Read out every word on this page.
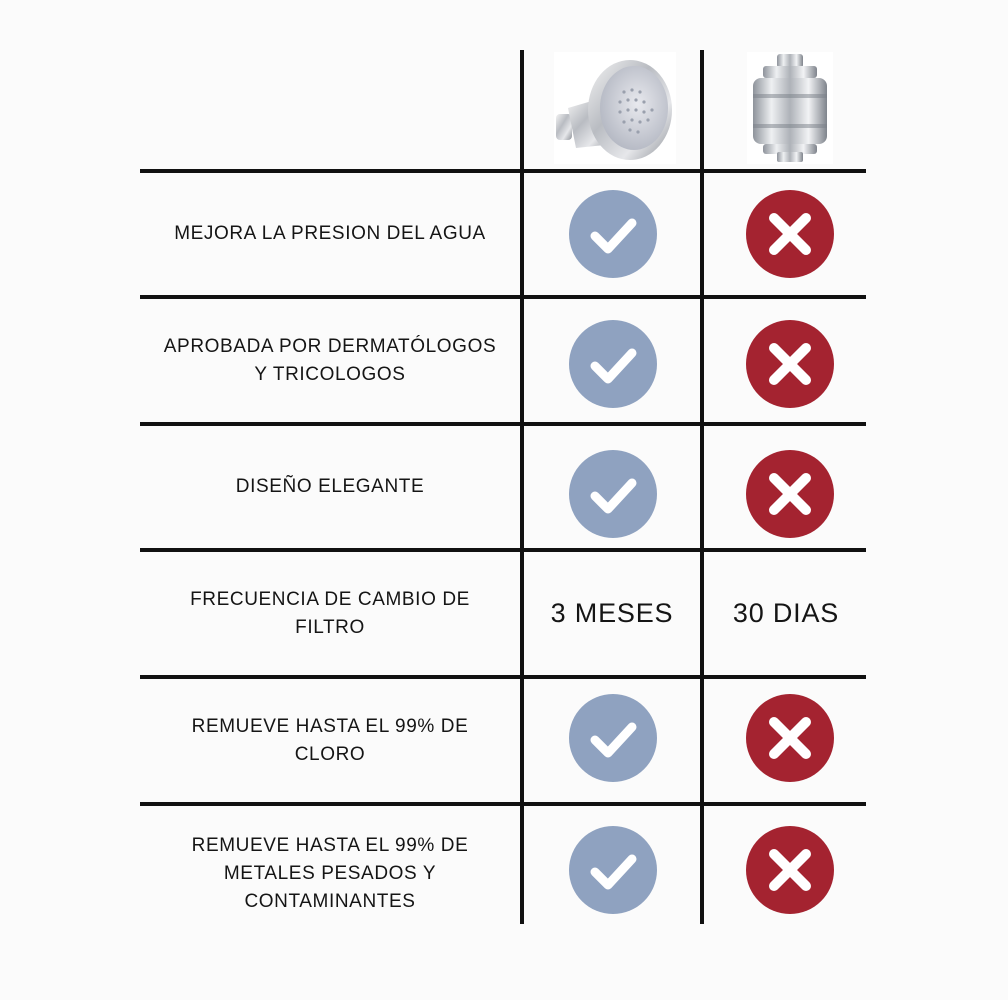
MEJORA LA PRESION DEL AGUA
APROBADA POR DERMATÓLOGOS
Y TRICOLOGOS
DISEÑO ELEGANTE
FRECUENCIA DE CAMBIO DE
FILTRO	3 MESES	30 DIAS
REMUEVE HASTA EL 99% DE
CLORO
REMUEVE HASTA EL 99% DE
METALES PESADOS Y
CONTAMINANTES
